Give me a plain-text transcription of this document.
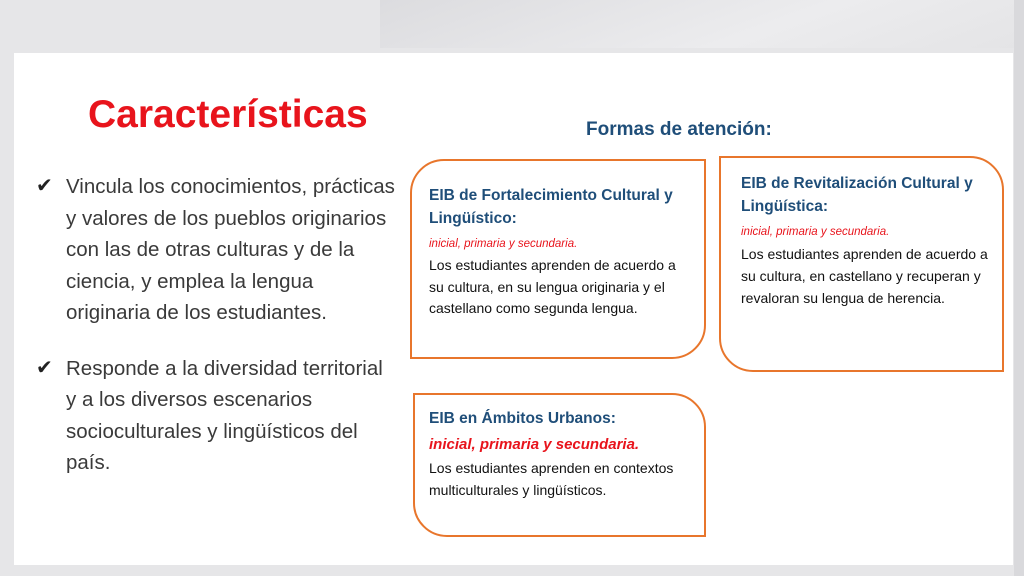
Características
✔ Vincula los conocimientos, prácticas y valores de los pueblos originarios con las de otras culturas y de la ciencia, y emplea la lengua originaria de los estudiantes.
✔ Responde a la diversidad territorial y a los diversos escenarios socioculturales y lingüísticos del país.
Formas de atención:
EIB de Fortalecimiento Cultural y Lingüístico:
inicial, primaria y secundaria.
Los estudiantes aprenden de acuerdo a su cultura, en su lengua originaria y el castellano como segunda lengua.
EIB de Revitalización Cultural y Lingüística:
inicial, primaria y secundaria.
Los estudiantes aprenden de acuerdo a su cultura, en castellano y recuperan y revaloran su lengua de herencia.
EIB en Ámbitos Urbanos:
inicial, primaria y secundaria.
Los estudiantes aprenden en contextos multiculturales y lingüísticos.
